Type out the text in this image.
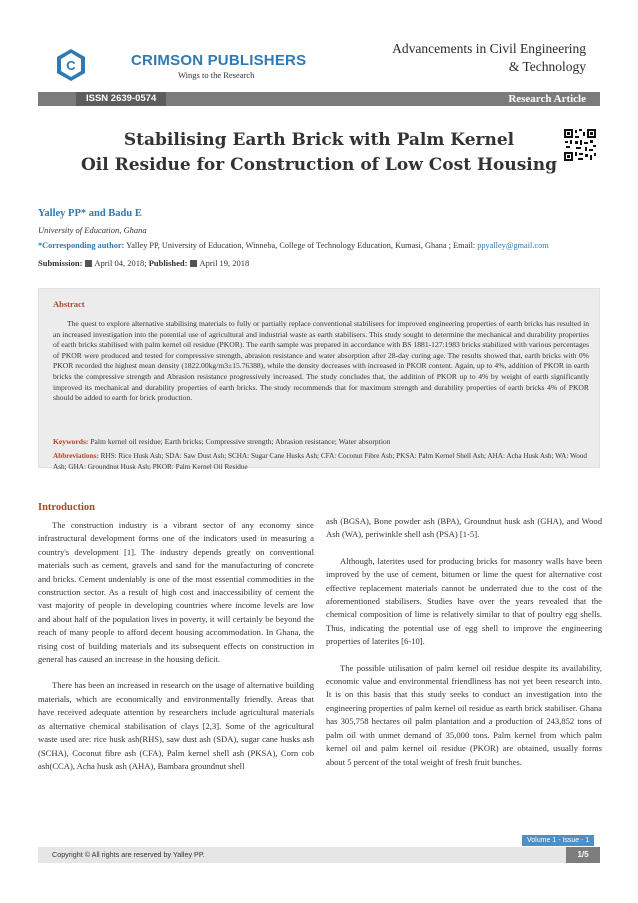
C	CRIMSON PUBLISHERS
Wings to the Research
Advancements in Civil Engineering
& Technology
ISSN 2639-0574	Research Article
Stabilising Earth Brick with Palm Kernel
Oil Residue for Construction of Low Cost Housing
Yalley PP* and Badu E
University of Education, Ghana
*Corresponding author: Yalley PP, University of Education, Winneba, College of Technology Education, Kumasi, Ghana ; Email: ppyalley@gmail.com
Submission: April 04, 2018; Published: April 19, 2018
Abstract
The quest to explore alternative stabilising materials to fully or partially replace conventional stabilisers for improved engineering properties of earth bricks has resulted in an increased investigation into the potential use of agricultural and industrial waste as earth stabilisers. This study sought to determine the mechanical and durability properties of earth bricks stabilised with palm kernel oil residue (PKOR). The earth sample was prepared in accordance with BS 1881-127:1983 bricks stabilized with various percentages of PKOR were produced and tested for compressive strength, abrasion resistance and water absorption after 28-day curing age. The results showed that, earth bricks with 0% PKOR recorded the highest mean density (1822.00kg/m3±15.76388), while the density decreases with increased in PKOR content. Again, up to 4%, addition of PKOR in earth bricks the compressive strength and Abrasion resistance progressively increased. The study concludes that, the addition of PKOR up to 4% by weight of earth significantly improved its mechanical and durability properties of earth bricks. The study recommends that for maximum strength and durability properties of earth bricks 4% of PKOR should be added to earth for brick production.
Keywords: Palm kernel oil residue; Earth bricks; Compressive strength; Abrasion resistance; Water absorption
Abbreviations: RHS: Rice Husk Ash; SDA: Saw Dust Ash; SCHA: Sugar Cane Husks Ash; CFA: Coconut Fibre Ash; PKSA: Palm Kernel Shell Ash; AHA: Acha Husk Ash; WA: Wood Ash; GHA: Groundnut Husk Ash; PKOR: Palm Kernel Oil Residue
Introduction

The construction industry is a vibrant sector of any economy since infrastructural development forms one of the indicators used in measuring a country's development [1]. The industry depends greatly on conventional materials such as cement, gravels and sand for the manufacturing of concrete and bricks. Cement undeniably is one of the most essential commodities in the construction sector. As a result of high cost and inaccessibility of cement the vast majority of people in developing countries where income levels are low and about half of the population lives in poverty, it will certainly be beyond the reach of many people to afford decent housing accommodation. In Ghana, the rising cost of building materials and its subsequent effects on construction in general has caused an increase in the housing deficit.

There has been an increased in research on the usage of alternative building materials, which are economically and environmentally friendly. Areas that have received adequate attention by researchers include agricultural materials as alternative chemical stabilisation of clays [2,3]. Some of the agricultural waste used are: rice husk ash(RHS), saw dust ash (SDA), sugar cane husks ash (SCHA), Coconut fibre ash (CFA), Palm kernel shell ash (PKSA), Corn cob ash(CCA), Acha husk ash (AHA), Bambara groundnut shell

ash (BGSA), Bone powder ash (BPA), Groundnut husk ash (GHA), and Wood Ash (WA), periwinkle shell ash (PSA) [1-5].

Although, laterites used for producing bricks for masonry walls have been improved by the use of cement, bitumen or lime the quest for alternative cost effective replacement materials cannot be underrated due to the cost of the aforementioned stabilisers. Studies have over the years revealed that the chemical composition of lime is relatively similar to that of poultry egg shells. Thus, indicating the potential use of egg shell to improve the engineering properties of laterites [6-10].

The possible utilisation of palm kernel oil residue despite its availability, economic value and environmental friendliness has not yet been research into. It is on this basis that this study seeks to conduct an investigation into the engineering properties of palm kernel oil residue as earth brick stabiliser. Ghana has 305,758 hectares oil palm plantation and a production of 243,852 tons of palm oil with unmet demand of 35,000 tons. Palm kernel from which palm kernel oil and palm kernel oil residue (PKOR) are obtained, usually forms about 5 percent of the total weight of fresh fruit bunches.

Volume 1 - Issue - 1
Copyright © All rights are reserved by Yalley PP.	1/5
